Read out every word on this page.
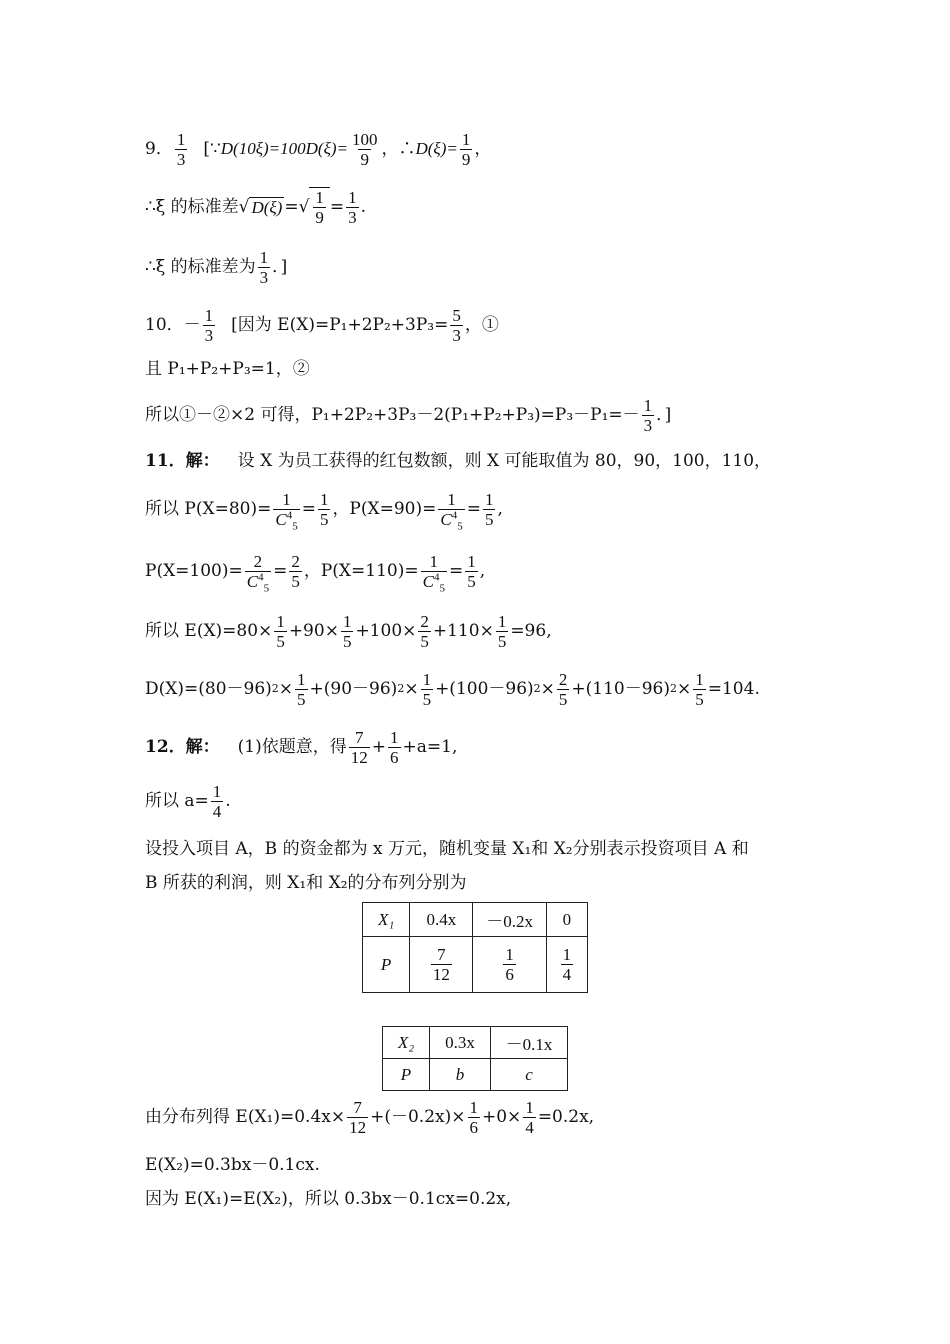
9． $\frac{1}{3}$ [∵ $D(10\xi)=100D(\xi)= \frac{100}{9}$ ，∴ $D(\xi)= \frac{1}{9}$ ，
∴ξ 的标准差 √ D(ξ) = √ $\frac{1}{9} = \frac{1}{3}$ .
∴ξ 的标准差为 $\frac{1}{3}$ ．]
10． － $\frac{1}{3}$ [因为 $E(X)=P_1+2P_2+3P_3= \frac{5}{3}$ ，①
且 P₁+P₂+P₃=1，②
所以①－②×2 可得，$P_1+2P_2+3P_3-2(P_1+P_2+P_3)=P_3-P_1=- \frac{1}{3}$ ．]
11．解： 设 X 为员工获得的红包数额，则 X 可能取值为 80，90，100，110，
所以 $P(X=80)= \frac{1}{C^4_5} = \frac{1}{5}$ ，$P(X=90)= \frac{1}{C^4_5} = \frac{1}{5}$ ,
$P(X=100)= \frac{2}{C^4_5} = \frac{2}{5}$ ，$P(X=110)= \frac{1}{C^4_5} = \frac{1}{5}$ ,
所以 $E(X)=80\times \frac{1}{5} +90\times \frac{1}{5} +100\times \frac{2}{5} +110\times \frac{1}{5} =96$,
D(X)=(80－96) $2 \times \frac{1}{5} +(90-96) 2 \times \frac{1}{5} +(100-96) 2 \times \frac{2}{5} +(110-96) 2 \times \frac{1}{5} =104$.
12．解： (1)依题意，得 $\frac{7}{12} + \frac{1}{6} +a=1$,
所以 $a= \frac{1}{4}$ .
设投入项目 A，B 的资金都为 x 万元，随机变量 X₁和 X₂分别表示投资项目 A 和
B 所获的利润，则 X₁和 X₂的分布列分别为
X₁	0.4x	－0.2x	0
P	$\frac{7}{12}$	$\frac{1}{6}$	$\frac{1}{4}$
X₂	0.3x	－0.1x
P	b	c
由分布列得 $E(X_1)=0.4x\times \frac{7}{12} +(-0.2x)\times \frac{1}{6} +0\times \frac{1}{4} =0.2x$,
E(X₂)=0.3bx－0.1cx.
因为 E(X₁)=E(X₂)，所以 0.3bx－0.1cx=0.2x,
